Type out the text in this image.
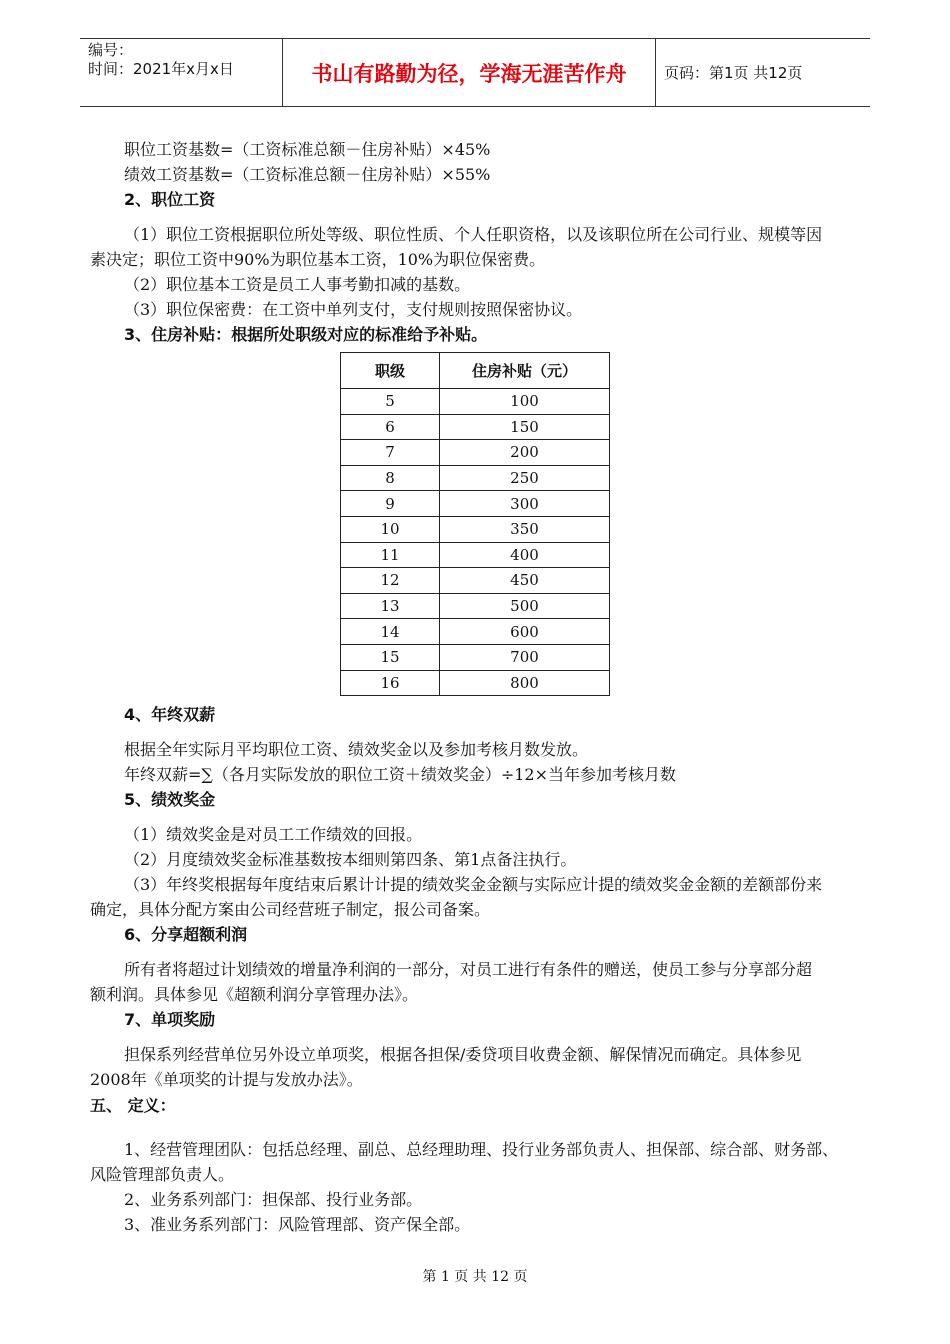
编号：
时间：2021年x月x日	书山有路勤为径，学海无涯苦作舟	页码：第1页 共12页
职位工资基数=（工资标准总额－住房补贴）×45%
绩效工资基数=（工资标准总额－住房补贴）×55%
2、职位工资
（1）职位工资根据职位所处等级、职位性质、个人任职资格，以及该职位所在公司行业、规模等因
素决定；职位工资中90%为职位基本工资，10%为职位保密费。
（2）职位基本工资是员工人事考勤扣减的基数。
（3）职位保密费：在工资中单列支付，支付规则按照保密协议。
3、住房补贴：根据所处职级对应的标准给予补贴。
职级	住房补贴（元）
5	100
6	150
7	200
8	250
9	300
10	350
11	400
12	450
13	500
14	600
15	700
16	800
4、年终双薪
根据全年实际月平均职位工资、绩效奖金以及参加考核月数发放。
年终双薪=∑（各月实际发放的职位工资＋绩效奖金）÷12×当年参加考核月数
5、绩效奖金
（1）绩效奖金是对员工工作绩效的回报。
（2）月度绩效奖金标准基数按本细则第四条、第1点备注执行。
（3）年终奖根据每年度结束后累计计提的绩效奖金金额与实际应计提的绩效奖金金额的差额部份来
确定，具体分配方案由公司经营班子制定，报公司备案。
6、分享超额利润
所有者将超过计划绩效的增量净利润的一部分，对员工进行有条件的赠送，使员工参与分享部分超
额利润。具体参见《超额利润分享管理办法》。
7、单项奖励
担保系列经营单位另外设立单项奖，根据各担保/委贷项目收费金额、解保情况而确定。具体参见
2008年《单项奖的计提与发放办法》。
五、 定义：
1、经营管理团队：包括总经理、副总、总经理助理、投行业务部负责人、担保部、综合部、财务部、
风险管理部负责人。
2、业务系列部门：担保部、投行业务部。
3、准业务系列部门：风险管理部、资产保全部。
第 1 页 共 12 页
